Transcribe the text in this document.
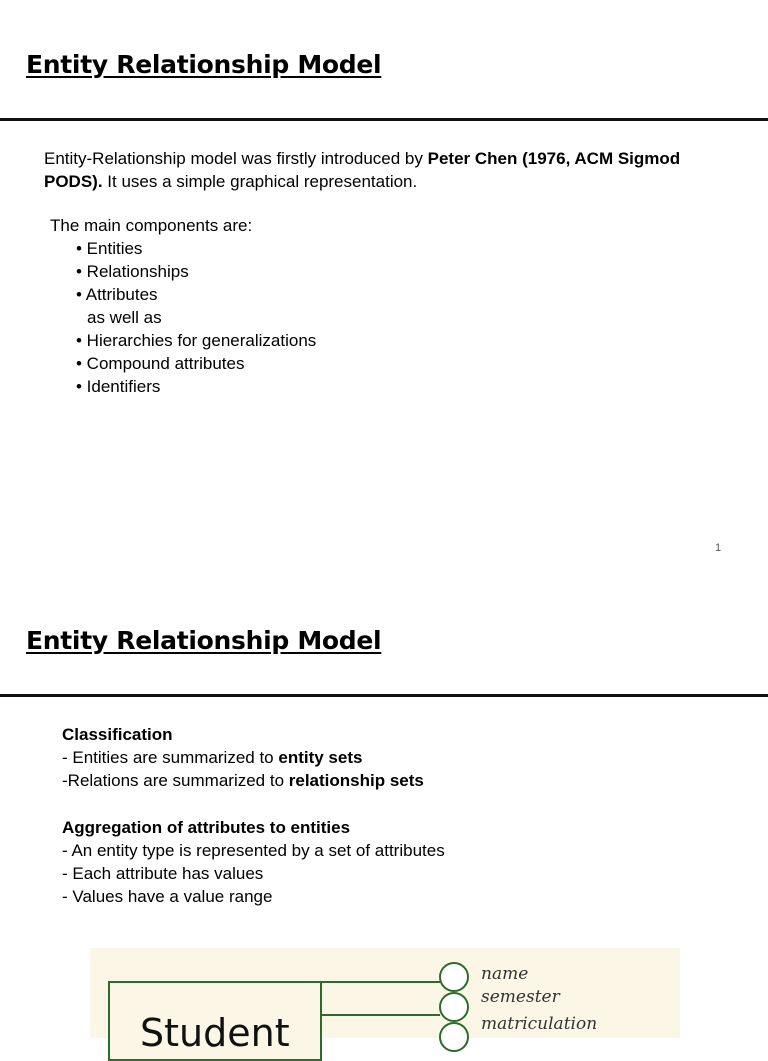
Entity Relationship Model

Entity-Relationship model was firstly introduced by Peter Chen (1976, ACM Sigmod PODS). It uses a simple graphical representation.

The main components are:

• Entities
• Relationships
• Attributes
as well as
• Hierarchies for generalizations
• Compound attributes
• Identifiers
1
Entity Relationship Model
Classification
- Entities are summarized to entity sets
-Relations are summarized to relationship sets
Aggregation of attributes to entities
- An entity type is represented by a set of attributes
- Each attribute has values
- Values have a value range
Student
name
semester
matriculation
